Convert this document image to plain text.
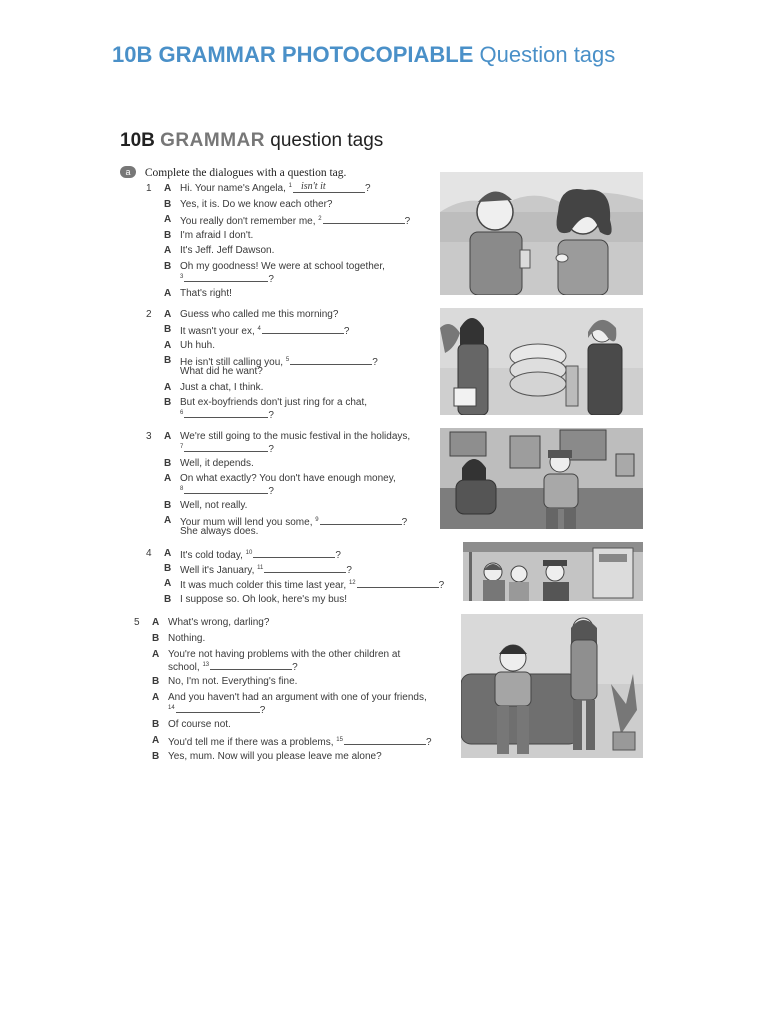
10B GRAMMAR PHOTOCOPIABLE Question tags
10B GRAMMAR question tags
a Complete the dialogues with a question tag.
1 A Hi. Your name's Angela, $^1$ isn't it	?
B Yes, it is. Do we know each other?
A You really don't remember me, $^2$	?
B I'm afraid I don't.
A It's Jeff. Jeff Dawson.
B Oh my goodness! We were at school together,
$^3$	?
A That's right!
2 A Guess who called me this morning?
B It wasn't your ex, $^4$	?
A Uh huh.
B He isn't still calling you, $^5$	?
What did he want?
A Just a chat, I think.
B But ex-boyfriends don't just ring for a chat,
$^6$	?
3 A We're still going to the music festival in the holidays,
$^7$	?
B Well, it depends.
A On what exactly? You don't have enough money,
$^8$	?
B Well, not really.
A Your mum will lend you some, $^9$	?
She always does.
4 A It's cold today, $^{10}$	?
B Well it's January, $^{11}$	?
A It was much colder this time last year, $^{12}$	?
B I suppose so. Oh look, here's my bus!
5 A What's wrong, darling?
B Nothing.
A You're not having problems with the other children at
school, $^{13}$	?
B No, I'm not. Everything's fine.
A And you haven't had an argument with one of your friends,
$^{14}$	?
B Of course not.
A You'd tell me if there was a problems, $^{15}$	?
B Yes, mum. Now will you please leave me alone?
